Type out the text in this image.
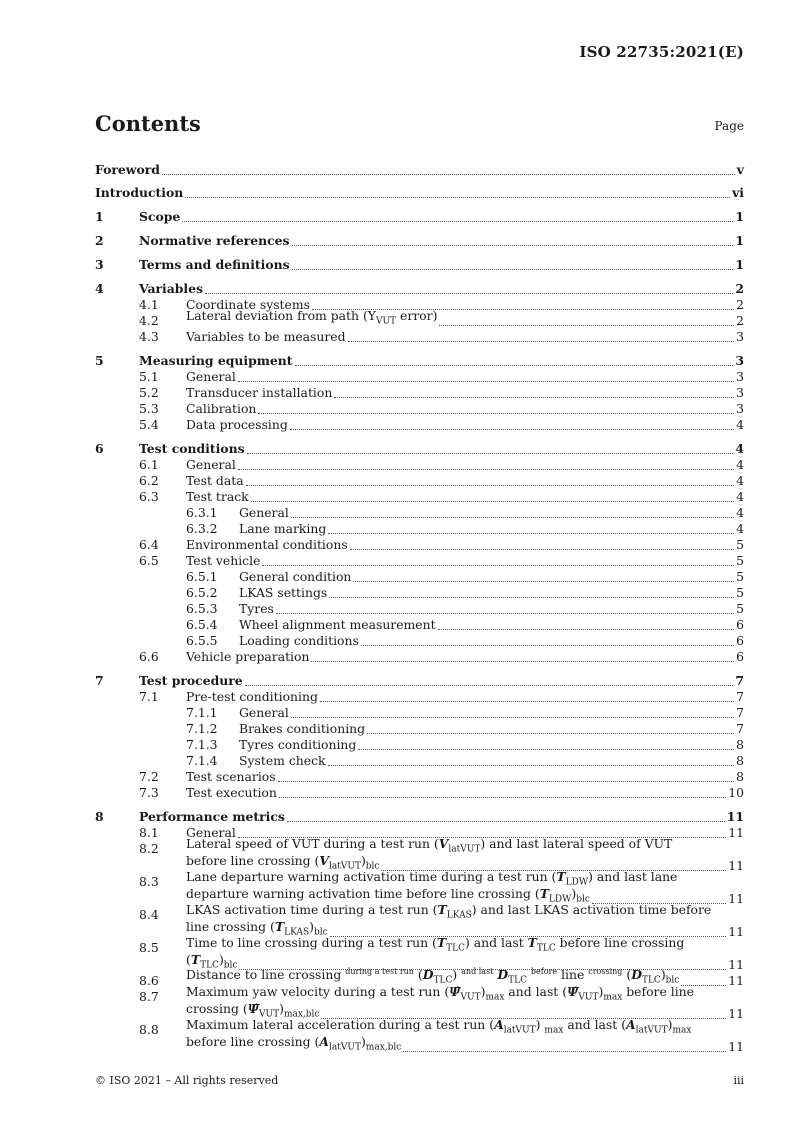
ISO 22735:2021(E)
Contents	Page
Foreword	v
Introduction	vi
1	Scope	1
2	Normative references	1
3	Terms and definitions	1
4	Variables	2
4.1	Coordinate systems	2
4.2	Lateral deviation from path ($Y_{VUT}$ error)	2
4.3	Variables to be measured	3
5	Measuring equipment	3
5.1	General	3
5.2	Transducer installation	3
5.3	Calibration	3
5.4	Data processing	4
6	Test conditions	4
6.1	General	4
6.2	Test data	4
6.3	Test track	4
6.3.1	General	4
6.3.2	Lane marking	4
6.4	Environmental conditions	5
6.5	Test vehicle	5
6.5.1	General condition	5
6.5.2	LKAS settings	5
6.5.3	Tyres	5
6.5.4	Wheel alignment measurement	6
6.5.5	Loading conditions	6
6.6	Vehicle preparation	6
7	Test procedure	7
7.1	Pre-test conditioning	7
7.1.1	General	7
7.1.2	Brakes conditioning	7
7.1.3	Tyres conditioning	8
7.1.4	System check	8
7.2	Test scenarios	8
7.3	Test execution	10
8	Performance metrics	11
8.1	General	11
8.2	Lateral speed of VUT during a test run $(V_{latVUT})$ and last lateral speed of VUT
before line crossing $(V_{latVUT})_{blc}$	11
8.3	Lane departure warning activation time during a test run $(T_{LDW})$ and last lane
departure warning activation time before line crossing $(T_{LDW})_{blc}$	11
8.4	LKAS activation time during a test run $(T_{LKAS})$ and last LKAS activation time before
line crossing $(T_{LKAS})_{blc}$	11
8.5	Time to line crossing during a test run $(T_{TLC})$ and last $T_{TLC}$ before line crossing
$(T_{TLC})_{blc}$	11
8.6	Distance to line crossing $^{during a test run}$ $(D_{TLC})$ $^{and last}$ $D_{TLC}$ $^{before}$ line $^{crossing}$ $(D_{TLC})_{blc}$	11
8.7	Maximum yaw velocity during a test run $(\Psi̇_{VUT})_{max}$ and last $(\Psi̇_{VUT})_{max}$ before line
crossing $(\Psi̇_{VUT})_{max,blc}$	11
8.8	Maximum lateral acceleration during a test run $(A_{latVUT})$ $_{max}$ and last $(A_{latVUT})_{max}$
before line crossing $(A_{latVUT})_{max,blc}$	11
© ISO 2021 – All rights reserved	iii
